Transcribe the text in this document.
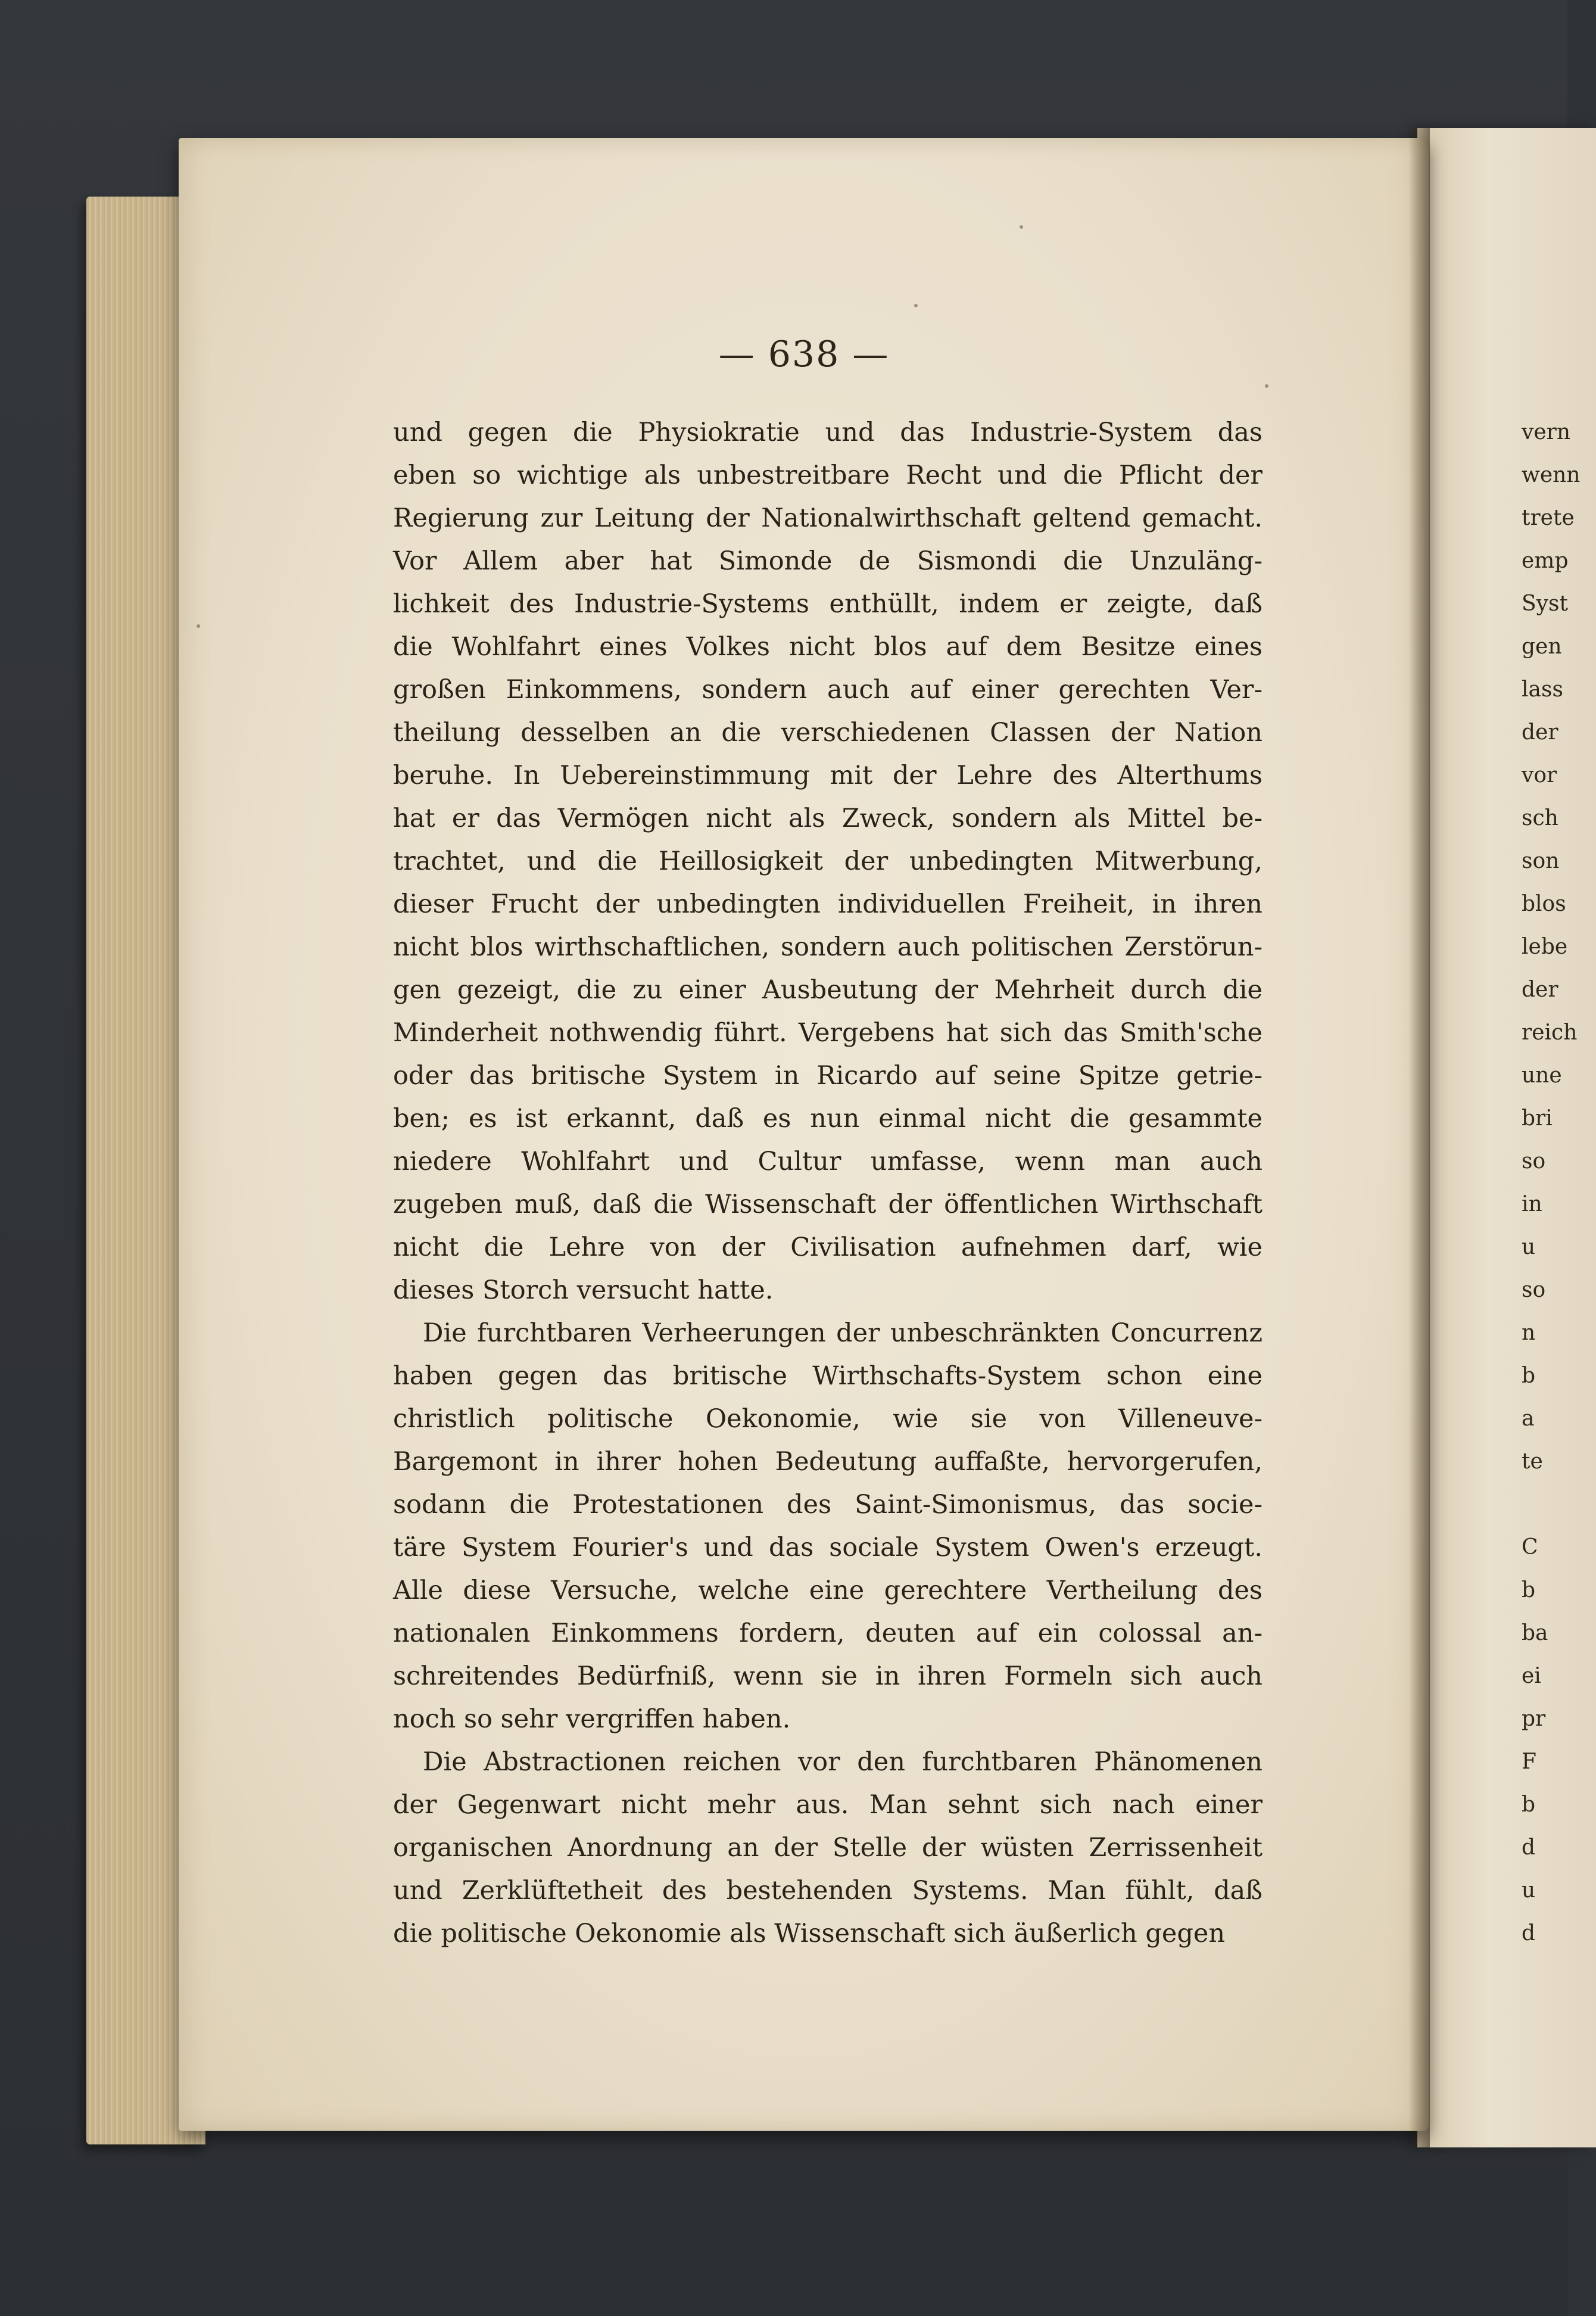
— 638 —
und gegen die Physiokratie und das Industrie-System das
eben so wichtige als unbestreitbare Recht und die Pflicht der
Regierung zur Leitung der Nationalwirthschaft geltend gemacht.
Vor Allem aber hat Simonde de Sismondi die Unzuläng-
lichkeit des Industrie-Systems enthüllt, indem er zeigte, daß
die Wohlfahrt eines Volkes nicht blos auf dem Besitze eines
großen Einkommens, sondern auch auf einer gerechten Ver-
theilung desselben an die verschiedenen Classen der Nation
beruhe. In Uebereinstimmung mit der Lehre des Alterthums
hat er das Vermögen nicht als Zweck, sondern als Mittel be-
trachtet, und die Heillosigkeit der unbedingten Mitwerbung,
dieser Frucht der unbedingten individuellen Freiheit, in ihren
nicht blos wirthschaftlichen, sondern auch politischen Zerstörun-
gen gezeigt, die zu einer Ausbeutung der Mehrheit durch die
Minderheit nothwendig führt. Vergebens hat sich das Smith'sche
oder das britische System in Ricardo auf seine Spitze getrie-
ben; es ist erkannt, daß es nun einmal nicht die gesammte
niedere Wohlfahrt und Cultur umfasse, wenn man auch
zugeben muß, daß die Wissenschaft der öffentlichen Wirthschaft
nicht die Lehre von der Civilisation aufnehmen darf, wie
dieses Storch versucht hatte.
Die furchtbaren Verheerungen der unbeschränkten Concurrenz
haben gegen das britische Wirthschafts-System schon eine
christlich politische Oekonomie, wie sie von Villeneuve-
Bargemont in ihrer hohen Bedeutung auffaßte, hervorgerufen,
sodann die Protestationen des Saint-Simonismus, das socie-
täre System Fourier's und das sociale System Owen's erzeugt.
Alle diese Versuche, welche eine gerechtere Vertheilung des
nationalen Einkommens fordern, deuten auf ein colossal an-
schreitendes Bedürfniß, wenn sie in ihren Formeln sich auch
noch so sehr vergriffen haben.
Die Abstractionen reichen vor den furchtbaren Phänomenen
der Gegenwart nicht mehr aus. Man sehnt sich nach einer
organischen Anordnung an der Stelle der wüsten Zerrissenheit
und Zerklüftetheit des bestehenden Systems. Man fühlt, daß
die politische Oekonomie als Wissenschaft sich äußerlich gegen
vern
wenn
trete
emp
Syst
gen
lass
der
vor
sch
son
blos
lebe
der
reich
une
bri
so
in
u
so
n
b
a
te
C
b
ba
ei
pr
F
b
d
u
d
